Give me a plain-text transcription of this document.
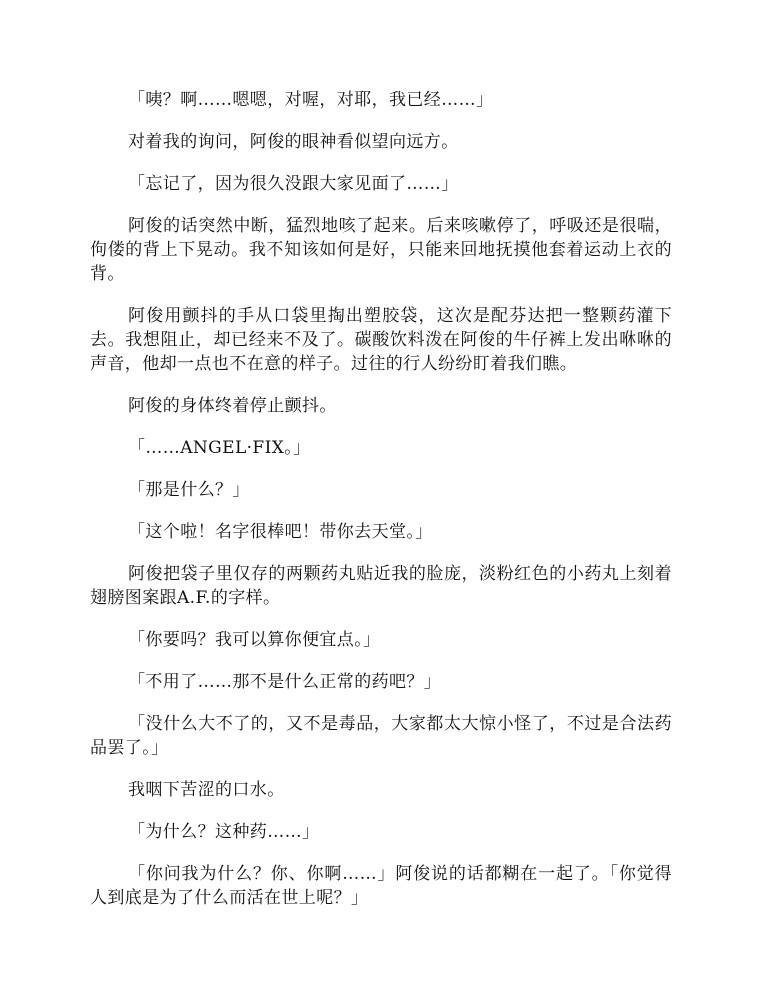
「咦？啊……嗯嗯，对喔，对耶，我已经……」

对着我的询问，阿俊的眼神看似望向远方。

「忘记了，因为很久没跟大家见面了……」

阿俊的话突然中断，猛烈地咳了起来。后来咳嗽停了，呼吸还是很喘，佝偻的背上下晃动。我不知该如何是好，只能来回地抚摸他套着运动上衣的背。

阿俊用颤抖的手从口袋里掏出塑胶袋，这次是配芬达把一整颗药灌下去。我想阻止，却已经来不及了。碳酸饮料泼在阿俊的牛仔裤上发出咻咻的声音，他却一点也不在意的样子。过往的行人纷纷盯着我们瞧。

阿俊的身体终着停止颤抖。

「……ANGEL·FIX。」

「那是什么？」

「这个啦！名字很棒吧！带你去天堂。」

阿俊把袋子里仅存的两颗药丸贴近我的脸庞，淡粉红色的小药丸上刻着翅膀图案跟A.F.的字样。

「你要吗？我可以算你便宜点。」

「不用了……那不是什么正常的药吧？」

「没什么大不了的，又不是毒品，大家都太大惊小怪了，不过是合法药品罢了。」

我咽下苦涩的口水。

「为什么？这种药……」

「你问我为什么？你、你啊……」阿俊说的话都糊在一起了。「你觉得人到底是为了什么而活在世上呢？」
